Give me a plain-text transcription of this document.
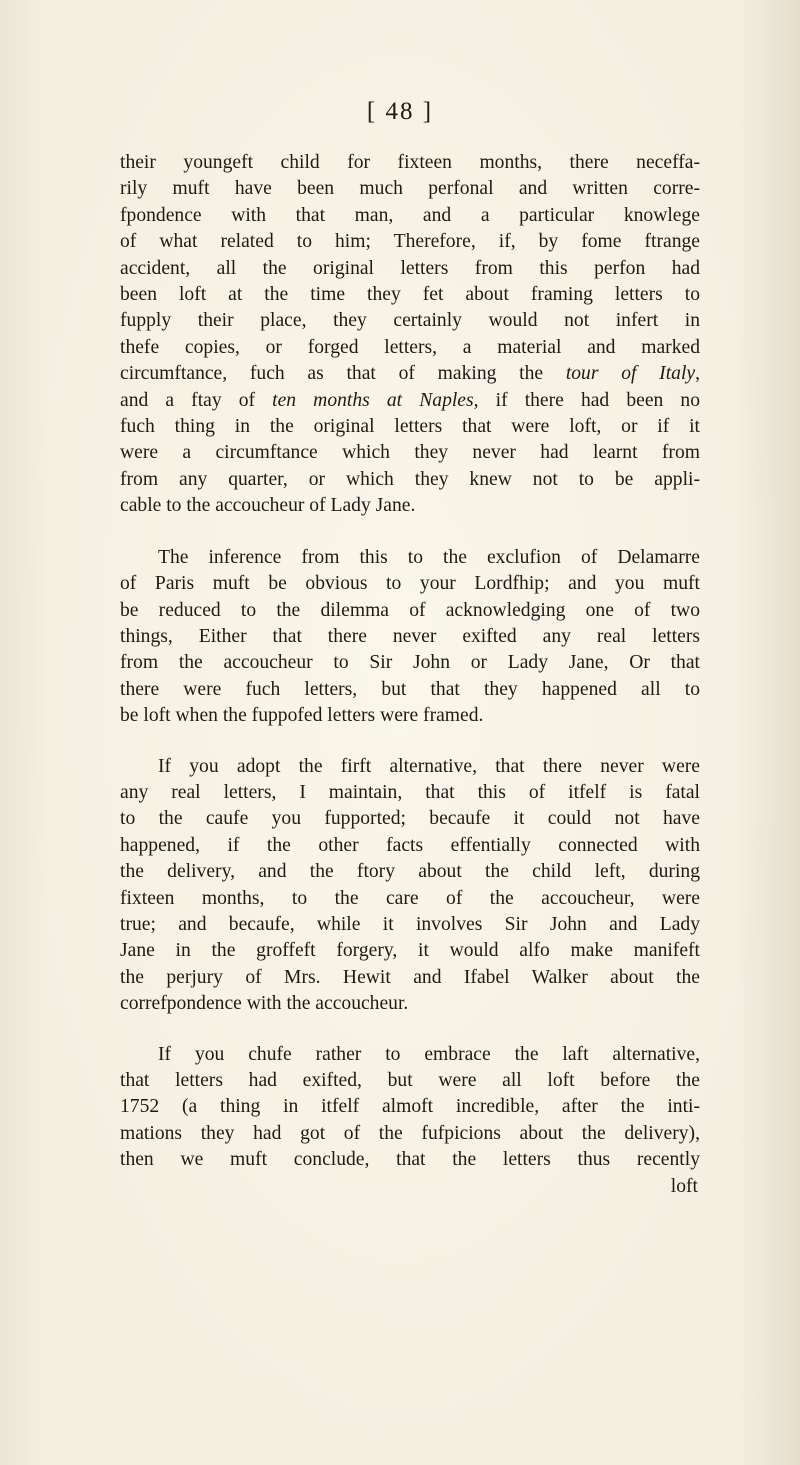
[ 48 ]
their youngeft child for fixteen months, there neceffa-
rily muft have been much perfonal and written corre-
fpondence with that man, and a particular knowlege
of what related to him; Therefore, if, by fome ftrange
accident, all the original letters from this perfon had
been loft at the time they fet about framing letters to
fupply their place, they certainly would not infert in
thefe copies, or forged letters, a material and marked
circumftance, fuch as that of making the tour of Italy,
and a ftay of ten months at Naples, if there had been no
fuch thing in the original letters that were loft, or if it
were a circumftance which they never had learnt from
from any quarter, or which they knew not to be appli-
cable to the accoucheur of Lady Jane.
The inference from this to the exclufion of Delamarre
of Paris muft be obvious to your Lordfhip; and you muft
be reduced to the dilemma of acknowledging one of two
things, Either that there never exifted any real letters
from the accoucheur to Sir John or Lady Jane, Or that
there were fuch letters, but that they happened all to
be loft when the fuppofed letters were framed.
If you adopt the firft alternative, that there never were
any real letters, I maintain, that this of itfelf is fatal
to the caufe you fupported; becaufe it could not have
happened, if the other facts effentially connected with
the delivery, and the ftory about the child left, during
fixteen months, to the care of the accoucheur, were
true; and becaufe, while it involves Sir John and Lady
Jane in the groffeft forgery, it would alfo make manifeft
the perjury of Mrs. Hewit and Ifabel Walker about the
correfpondence with the accoucheur.
If you chufe rather to embrace the laft alternative,
that letters had exifted, but were all loft before the
1752 (a thing in itfelf almoft incredible, after the inti-
mations they had got of the fufpicions about the delivery),
then we muft conclude, that the letters thus recently
loft
